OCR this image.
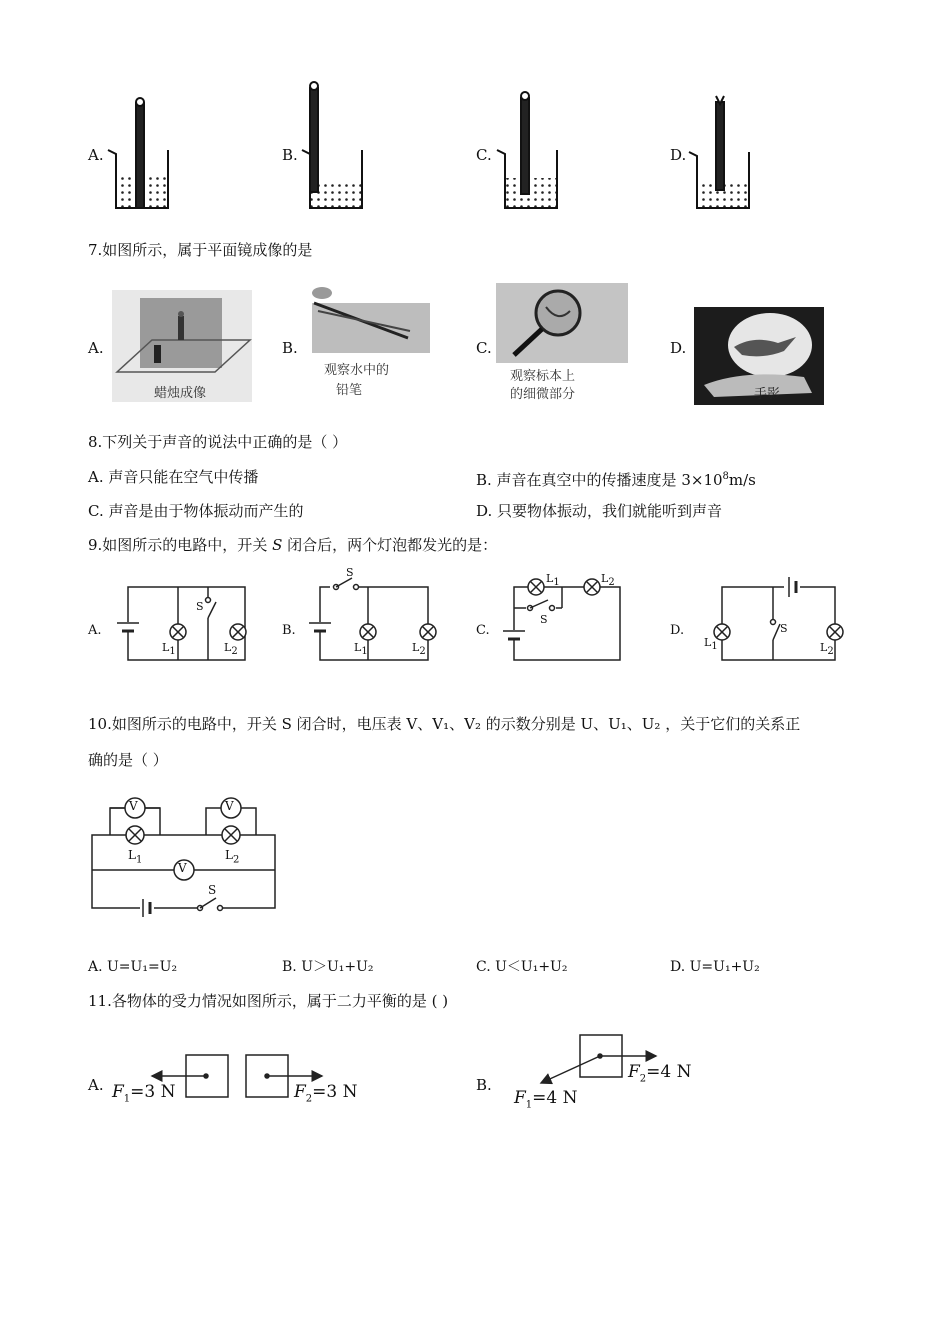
A.	B.	C.	D.
7.如图所示，属于平面镜成像的是
A.	B.	C.	D.
蜡烛成像
观察水中的
铅笔
观察标本上
的细微部分	手影
8.下列关于声音的说法中正确的是（ ）
A. 声音只能在空气中传播	B. 声音在真空中的传播速度是 $3\times 10^8m/s$
C. 声音是由于物体振动而产生的	D. 只要物体振动，我们就能听到声音
9.如图所示的电路中，开关 S 闭合后，两个灯泡都发光的是：
A.	B.	C.	D.
S
$L_1$	$L_2$
S
$L_1$	$L_2$
S
$L_1$	$L_2$
S
$L_1$	$L_2$
10.如图所示的电路中，开关 S 闭合时，电压表 V、V₁、V₂ 的示数分别是 U、U₁、U₂ ，关于它们的关系正
确的是（ ）
V	V
V
$L_1$	$L_2$
S
A. U=U₁=U₂	B. U＞U₁+U₂	C. U＜U₁+U₂	D. U=U₁+U₂
11.各物体的受力情况如图所示，属于二力平衡的是 ( )
A.	B.
$F_1=3$ N	$F_2=3$ N	$F_1=4$ N
$F_2=4$ N
